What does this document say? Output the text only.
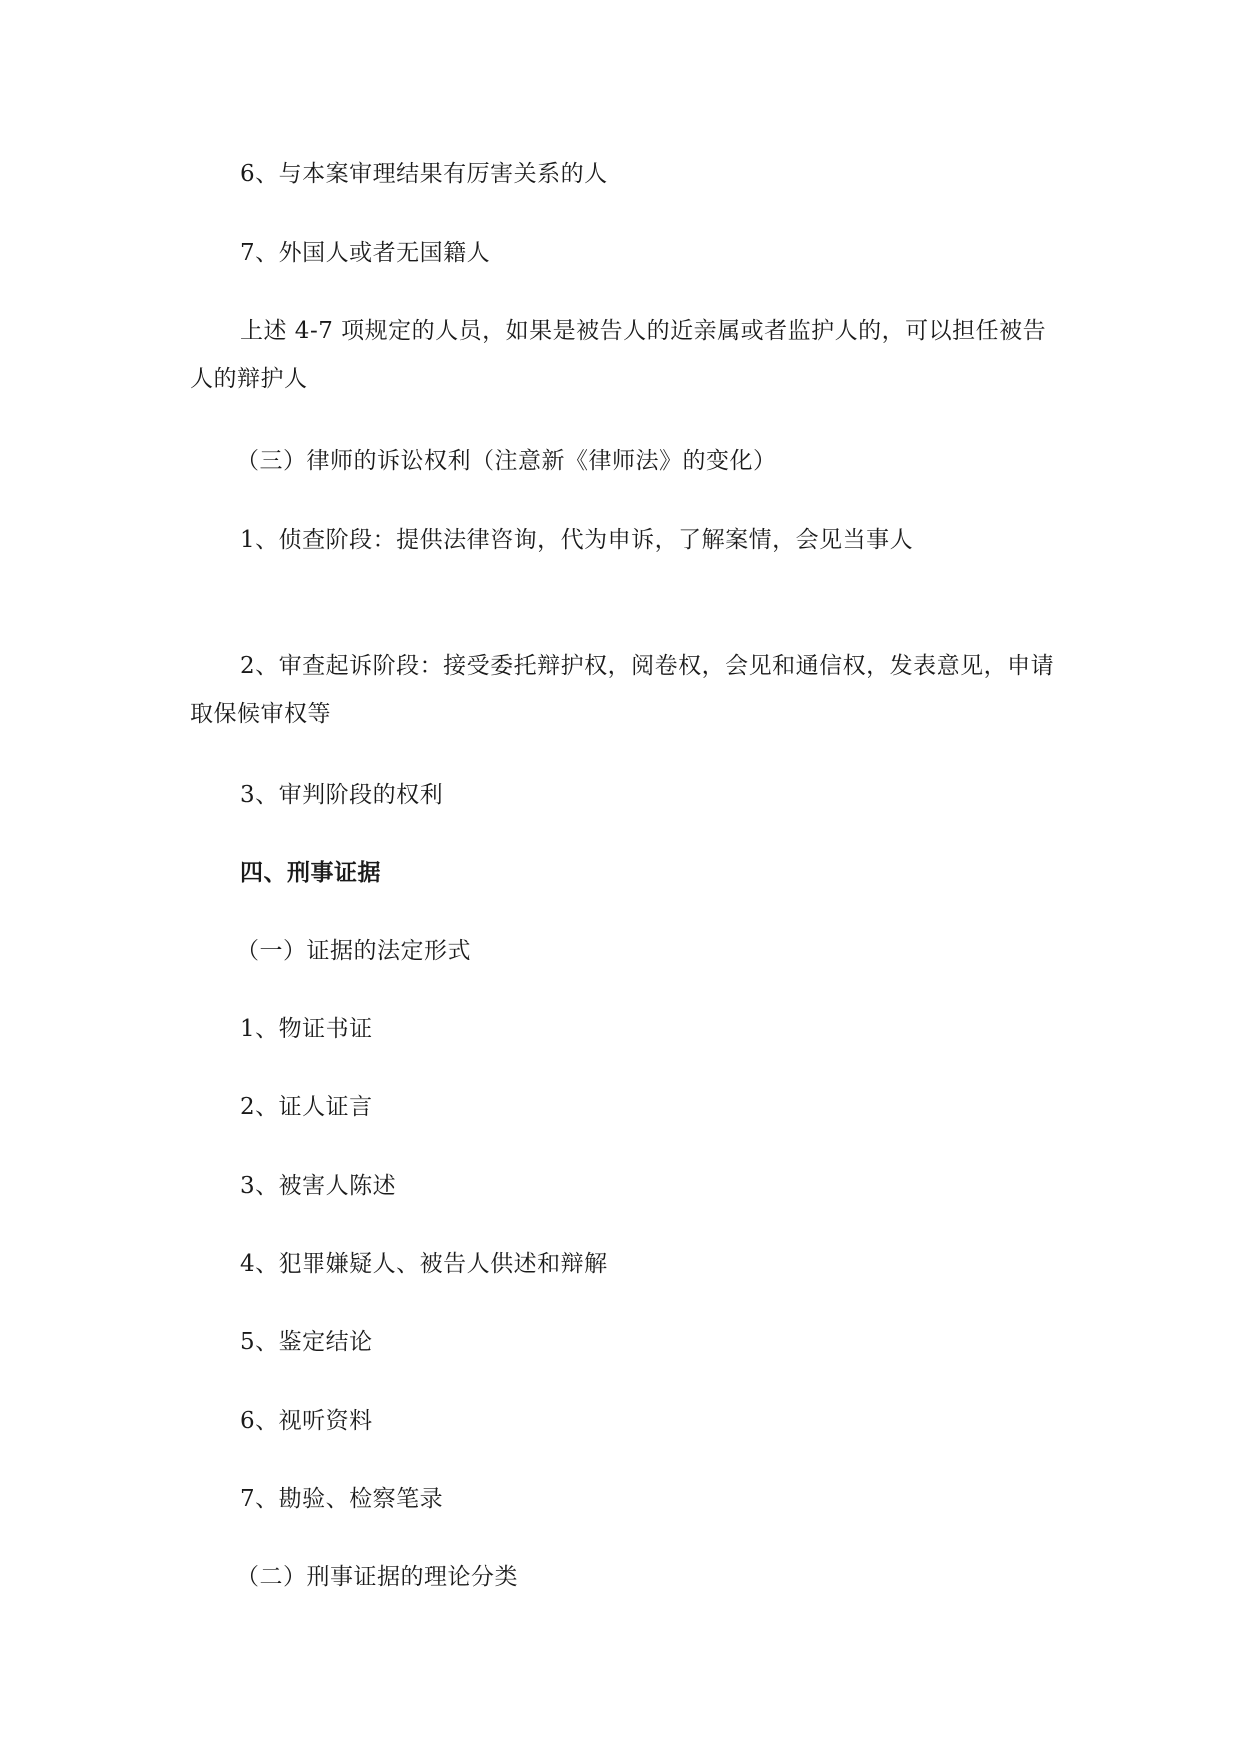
6、与本案审理结果有厉害关系的人
7、外国人或者无国籍人

上述 4-7 项规定的人员，如果是被告人的近亲属或者监护人的，可以担任被告人的辩护人

（三）律师的诉讼权利（注意新《律师法》的变化）
1、侦查阶段：提供法律咨询，代为申诉，了解案情，会见当事人

2、审查起诉阶段：接受委托辩护权，阅卷权，会见和通信权，发表意见，申请取保候审权等

3、审判阶段的权利
四、刑事证据
（一）证据的法定形式
1、物证书证
2、证人证言
3、被害人陈述
4、犯罪嫌疑人、被告人供述和辩解
5、鉴定结论
6、视听资料
7、勘验、检察笔录
（二）刑事证据的理论分类
